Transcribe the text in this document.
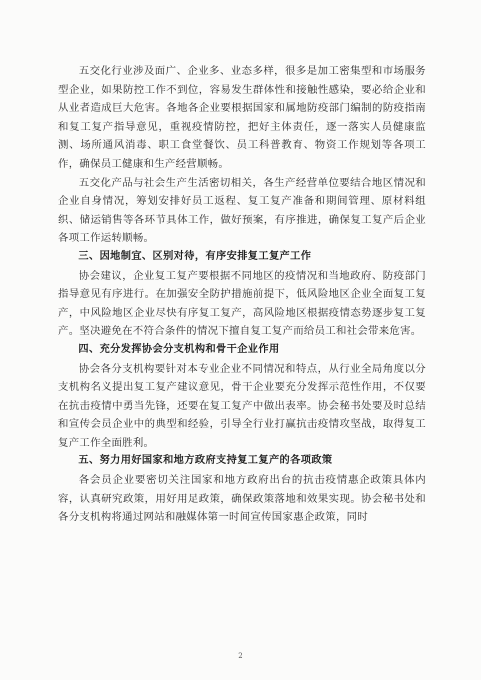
五交化行业涉及面广、企业多、业态多样，很多是加工密集型和市场服务型企业，如果防控工作不到位，容易发生群体性和接触性感染，要必给企业和从业者造成巨大危害。各地各企业要根据国家和属地防疫部门编制的防疫指南和复工复产指导意见，重视疫情防控，把好主体责任，逐一落实人员健康监测、场所通风消毒、职工食堂餐饮、员工科普教育、物资工作规划等各项工作，确保员工健康和生产经营顺畅。

五交化产品与社会生产生活密切相关，各生产经营单位要结合地区情况和企业自身情况，筹划安排好员工返程、复工复产准备和期间管理、原材料组织、储运销售等各环节具体工作，做好预案，有序推进，确保复工复产后企业各项工作运转顺畅。

三、因地制宜、区别对待，有序安排复工复产工作

协会建议，企业复工复产要根据不同地区的疫情况和当地政府、防疫部门指导意见有序进行。在加强安全防护措施前提下，低风险地区企业全面复工复产，中风险地区企业尽快有序复工复产，高风险地区根据疫情态势逐步复工复产。坚决避免在不符合条件的情况下擅自复工复产而给员工和社会带来危害。

四、充分发挥协会分支机构和骨干企业作用

协会各分支机构要针对本专业企业不同情况和特点，从行业全局角度以分支机构名义提出复工复产建议意见，骨干企业要充分发挥示范性作用，不仅要在抗击疫情中勇当先锋，还要在复工复产中做出表率。协会秘书处要及时总结和宣传会员企业中的典型和经验，引导全行业打赢抗击疫情攻坚战，取得复工复产工作全面胜利。

五、努力用好国家和地方政府支持复工复产的各项政策

各会员企业要密切关注国家和地方政府出台的抗击疫情惠企政策具体内容，认真研究政策，用好用足政策，确保政策落地和效果实现。协会秘书处和各分支机构将通过网站和融媒体第一时间宣传国家惠企政策，同时

2
